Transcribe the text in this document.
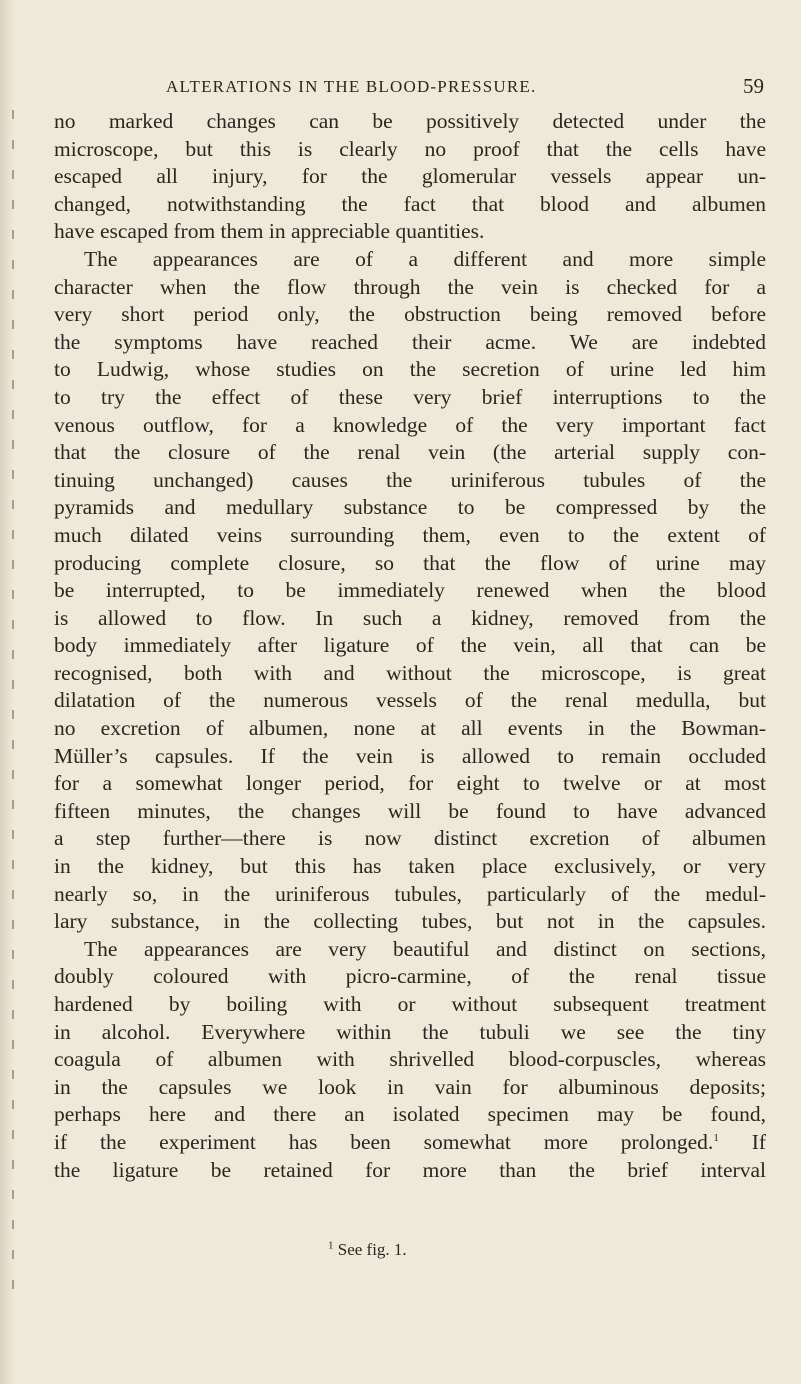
ALTERATIONS IN THE BLOOD-PRESSURE.	59
no marked changes can be possitively detected under the
microscope, but this is clearly no proof that the cells have
escaped all injury, for the glomerular vessels appear un-
changed, notwithstanding the fact that blood and albumen
have escaped from them in appreciable quantities.
The appearances are of a different and more simple
character when the flow through the vein is checked for a
very short period only, the obstruction being removed before
the symptoms have reached their acme. We are indebted
to Ludwig, whose studies on the secretion of urine led him
to try the effect of these very brief interruptions to the
venous outflow, for a knowledge of the very important fact
that the closure of the renal vein (the arterial supply con-
tinuing unchanged) causes the uriniferous tubules of the
pyramids and medullary substance to be compressed by the
much dilated veins surrounding them, even to the extent of
producing complete closure, so that the flow of urine may
be interrupted, to be immediately renewed when the blood
is allowed to flow. In such a kidney, removed from the
body immediately after ligature of the vein, all that can be
recognised, both with and without the microscope, is great
dilatation of the numerous vessels of the renal medulla, but
no excretion of albumen, none at all events in the Bowman-
Müller’s capsules. If the vein is allowed to remain occluded
for a somewhat longer period, for eight to twelve or at most
fifteen minutes, the changes will be found to have advanced
a step further—there is now distinct excretion of albumen
in the kidney, but this has taken place exclusively, or very
nearly so, in the uriniferous tubules, particularly of the medul-
lary substance, in the collecting tubes, but not in the capsules.
The appearances are very beautiful and distinct on sections,
doubly coloured with picro-carmine, of the renal tissue
hardened by boiling with or without subsequent treatment
in alcohol. Everywhere within the tubuli we see the tiny
coagula of albumen with shrivelled blood-corpuscles, whereas
in the capsules we look in vain for albuminous deposits;
perhaps here and there an isolated specimen may be found,
if the experiment has been somewhat more prolonged.$^1$ If
the ligature be retained for more than the brief interval
$^1$ See fig. 1.
